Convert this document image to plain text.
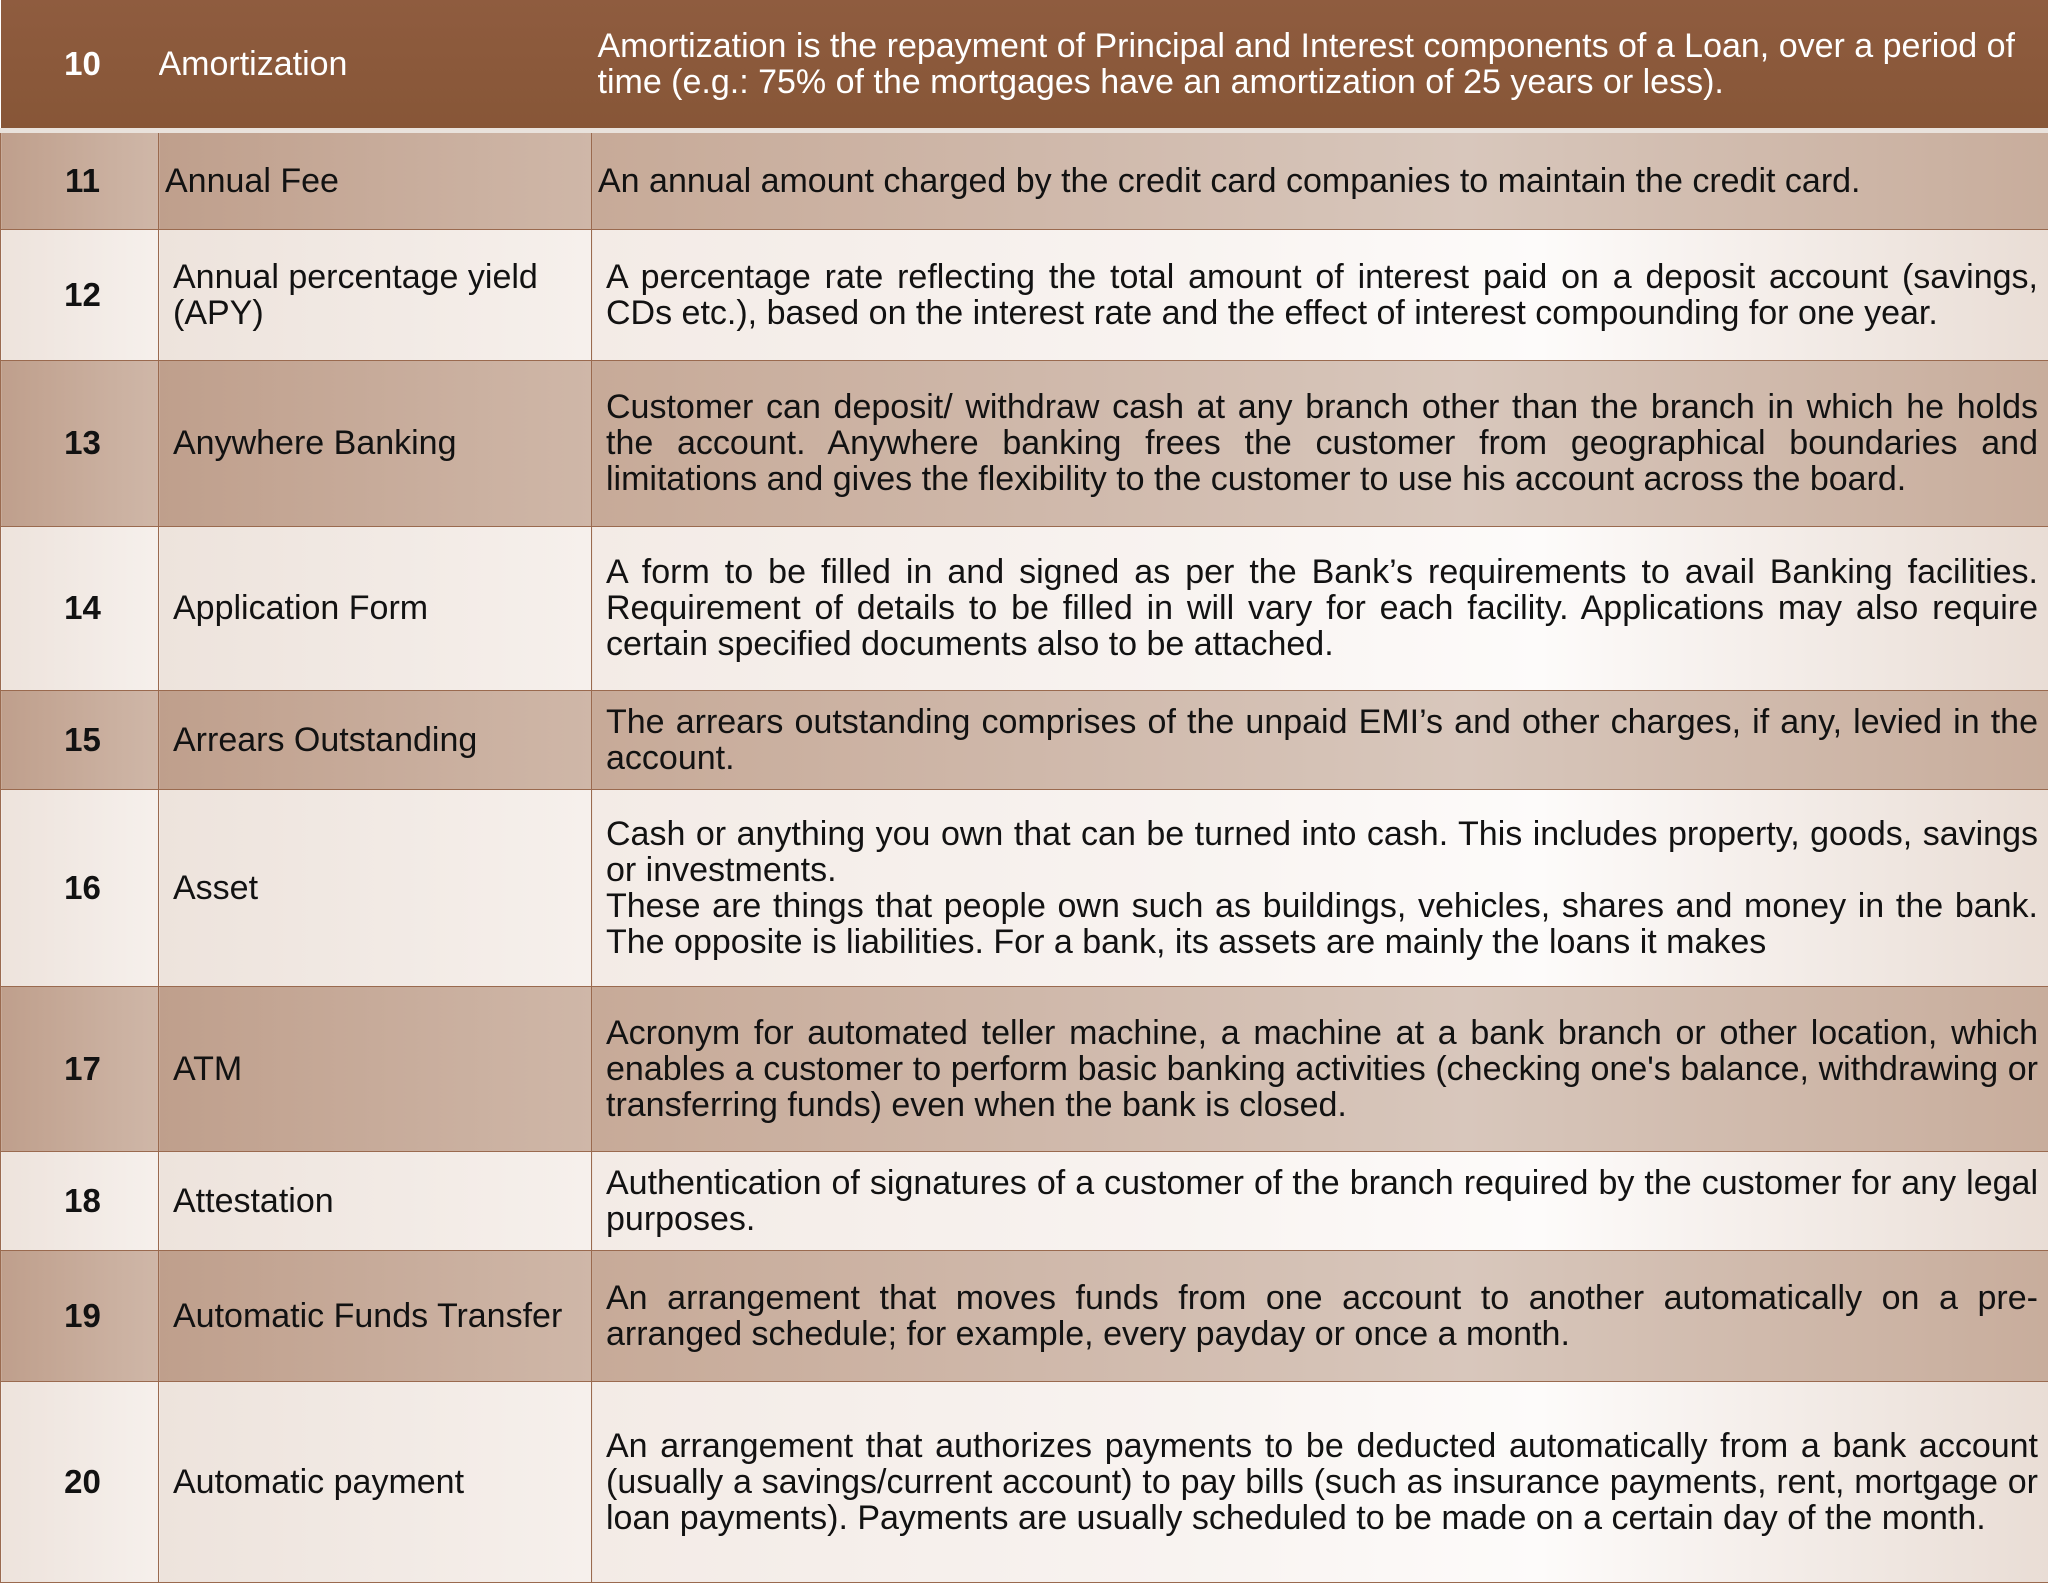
10	Amortization	Amortization is the repayment of Principal and Interest components of a Loan, over a period of time (e.g.: 75% of the mortgages have an amortization of 25 years or less).
11	Annual Fee	An annual amount charged by the credit card companies to maintain the credit card.
12	Annual percentage yield (APY)	A percentage rate reflecting the total amount of interest paid on a deposit account (savings, CDs etc.), based on the interest rate and the effect of interest compounding for one year.
13	Anywhere Banking	Customer can deposit/ withdraw cash at any branch other than the branch in which he holds the account. Anywhere banking frees the customer from geographical boundaries and limitations and gives the flexibility to the customer to use his account across the board.
14	Application Form	A form to be filled in and signed as per the Bank’s requirements to avail Banking facilities. Requirement of details to be filled in will vary for each facility. Applications may also require certain specified documents also to be attached.
15	Arrears Outstanding	The arrears outstanding comprises of the unpaid EMI’s and other charges, if any, levied in the account.
16	Asset	Cash or anything you own that can be turned into cash. This includes property, goods, savings or investments.
These are things that people own such as buildings, vehicles, shares and money in the bank. The opposite is liabilities. For a bank, its assets are mainly the loans it makes

17	ATM	Acronym for automated teller machine, a machine at a bank branch or other location, which enables a customer to perform basic banking activities (checking one's balance, withdrawing or transferring funds) even when the bank is closed.
18	Attestation	Authentication of signatures of a customer of the branch required by the customer for any legal purposes.
19	Automatic Funds Transfer	An arrangement that moves funds from one account to another automatically on a pre-arranged schedule; for example, every payday or once a month.
20	Automatic payment	An arrangement that authorizes payments to be deducted automatically from a bank account (usually a savings/current account) to pay bills (such as insurance payments, rent, mortgage or loan payments). Payments are usually scheduled to be made on a certain day of the month.
